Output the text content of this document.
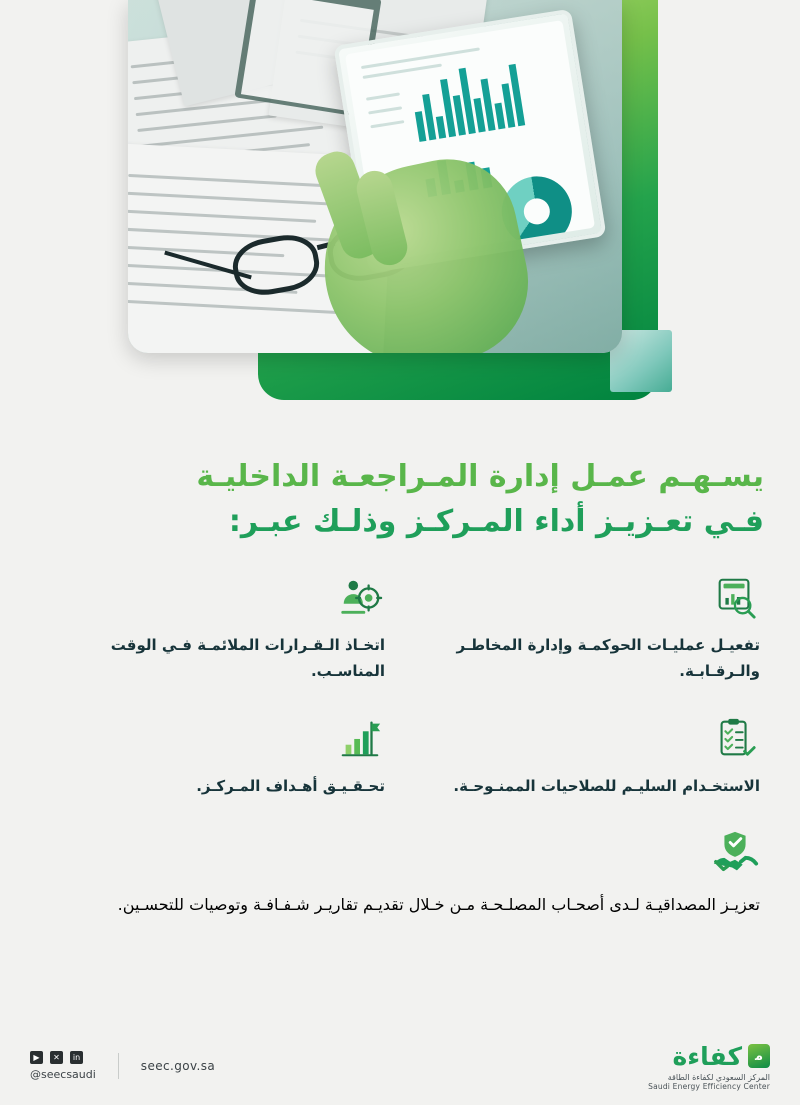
يسـهـم عمـل إدارة المـراجعـة الداخليـة
فـي تعـزيـز أداء المـركـز وذلـك عبـر:

تفعيـل عمليـات الحوكمـة وإدارة المخاطـر والـرقـابـة.

اتخـاذ الـقـرارات الملائمـة فـي الوقت المناسـب.

الاستخـدام السليـم للصلاحيات الممنـوحـة.

تحـقـيـق أهـداف المـركـز.

تعزيـز المصداقيـة لـدى أصحـاب المصلـحـة مـن خـلال تقديـم تقاريـر شـفـافـة وتوصيات للتحسـين.

▶	✕	in
@seecsaudi
seec.gov.sa
ﻣ
كفاءة
المركز السعودي لكفاءة الطاقة
Saudi Energy Efficiency Center
